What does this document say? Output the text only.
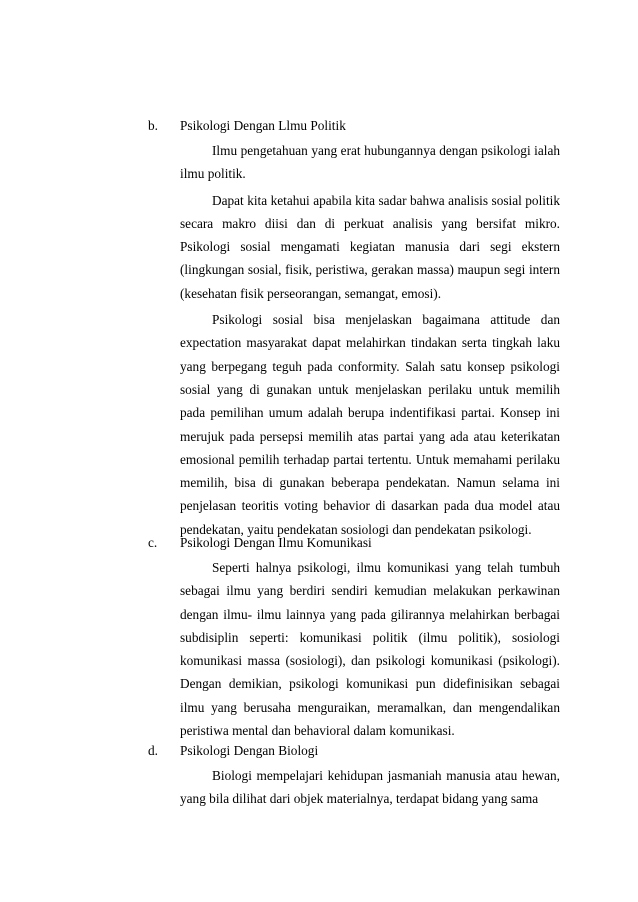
b.	Psikologi Dengan Llmu Politik

Ilmu pengetahuan yang erat hubungannya dengan psikologi ialah ilmu politik.

Dapat kita ketahui apabila kita sadar bahwa analisis sosial politik secara makro diisi dan di perkuat analisis yang bersifat mikro. Psikologi sosial mengamati kegiatan manusia dari segi ekstern (lingkungan sosial, fisik, peristiwa, gerakan massa) maupun segi intern (kesehatan fisik perseorangan, semangat, emosi).

Psikologi sosial bisa menjelaskan bagaimana attitude dan expectation masyarakat dapat melahirkan tindakan serta tingkah laku yang berpegang teguh pada conformity. Salah satu konsep psikologi sosial yang di gunakan untuk menjelaskan perilaku untuk memilih pada pemilihan umum adalah berupa indentifikasi partai. Konsep ini merujuk pada persepsi memilih atas partai yang ada atau keterikatan emosional pemilih terhadap partai tertentu. Untuk memahami perilaku memilih, bisa di gunakan beberapa pendekatan. Namun selama ini penjelasan teoritis voting behavior di dasarkan pada dua model atau pendekatan, yaitu pendekatan sosiologi dan pendekatan psikologi.

c.	Psikologi Dengan Ilmu Komunikasi

Seperti halnya psikologi, ilmu komunikasi yang telah tumbuh sebagai ilmu yang berdiri sendiri kemudian melakukan perkawinan dengan ilmu- ilmu lainnya yang pada gilirannya melahirkan berbagai subdisiplin seperti: komunikasi politik (ilmu politik), sosiologi komunikasi massa (sosiologi), dan psikologi komunikasi (psikologi). Dengan demikian, psikologi komunikasi pun didefinisikan sebagai ilmu yang berusaha menguraikan, meramalkan, dan mengendalikan peristiwa mental dan behavioral dalam komunikasi.

d.	Psikologi Dengan Biologi

Biologi mempelajari kehidupan jasmaniah manusia atau hewan, yang bila dilihat dari objek materialnya, terdapat bidang yang sama
